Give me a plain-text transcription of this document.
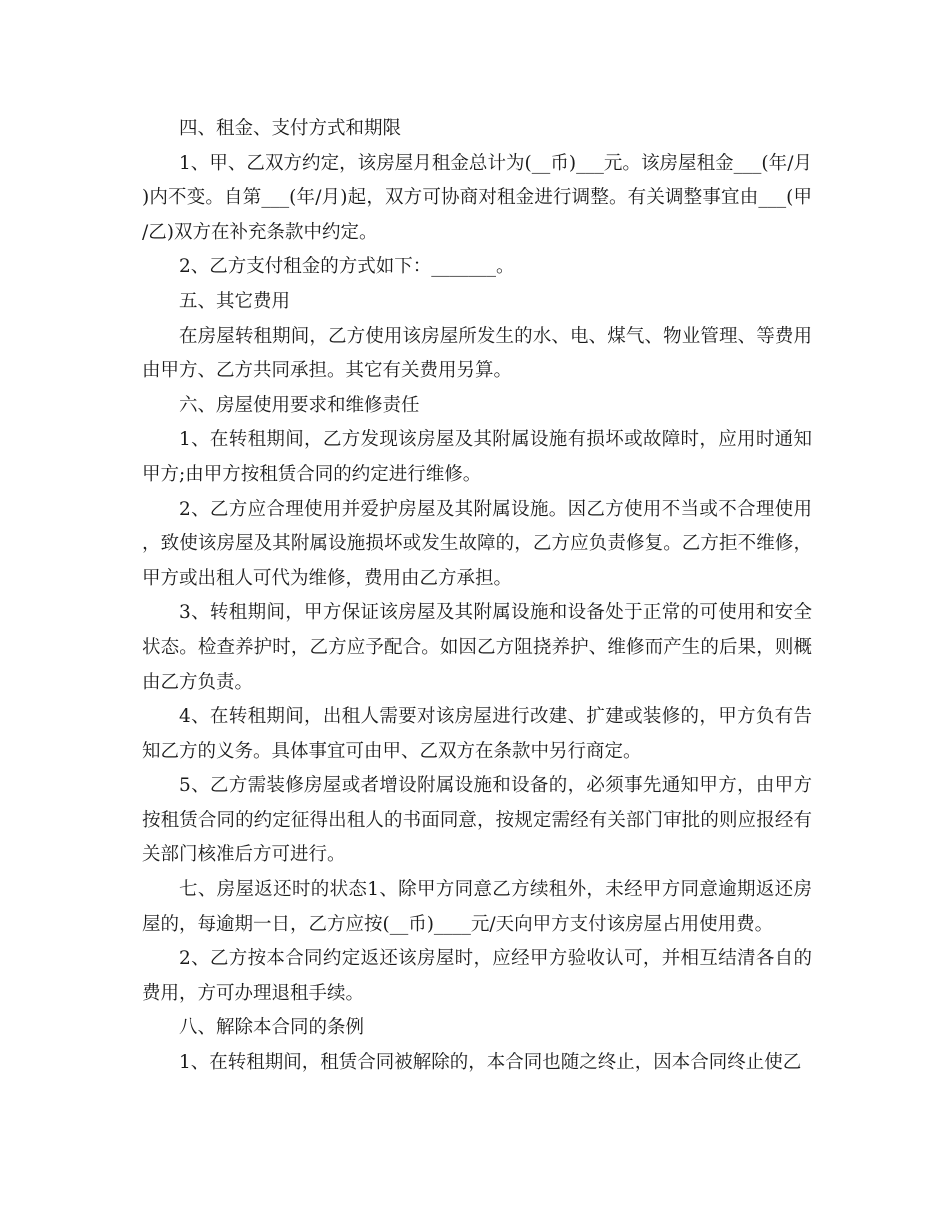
四、租金、支付方式和期限

1、甲、乙双方约定，该房屋月租金总计为(__币)___元。该房屋租金___(年/月)内不变。自第___(年/月)起，双方可协商对租金进行调整。有关调整事宜由___(甲/乙)双方在补充条款中约定。

2、乙方支付租金的方式如下：_______。

五、其它费用

在房屋转租期间，乙方使用该房屋所发生的水、电、煤气、物业管理、等费用由甲方、乙方共同承担。其它有关费用另算。

六、房屋使用要求和维修责任

1、在转租期间，乙方发现该房屋及其附属设施有损坏或故障时，应用时通知甲方;由甲方按租赁合同的约定进行维修。

2、乙方应合理使用并爱护房屋及其附属设施。因乙方使用不当或不合理使用，致使该房屋及其附属设施损坏或发生故障的，乙方应负责修复。乙方拒不维修，甲方或出租人可代为维修，费用由乙方承担。

3、转租期间，甲方保证该房屋及其附属设施和设备处于正常的可使用和安全状态。检查养护时，乙方应予配合。如因乙方阻挠养护、维修而产生的后果，则概由乙方负责。

4、在转租期间，出租人需要对该房屋进行改建、扩建或装修的，甲方负有告知乙方的义务。具体事宜可由甲、乙双方在条款中另行商定。

5、乙方需装修房屋或者增设附属设施和设备的，必须事先通知甲方，由甲方按租赁合同的约定征得出租人的书面同意，按规定需经有关部门审批的则应报经有关部门核准后方可进行。

七、房屋返还时的状态1、除甲方同意乙方续租外，未经甲方同意逾期返还房屋的，每逾期一日，乙方应按(__币)____元/天向甲方支付该房屋占用使用费。

2、乙方按本合同约定返还该房屋时，应经甲方验收认可，并相互结清各自的费用，方可办理退租手续。

八、解除本合同的条例

1、在转租期间，租赁合同被解除的，本合同也随之终止，因本合同终止使乙
